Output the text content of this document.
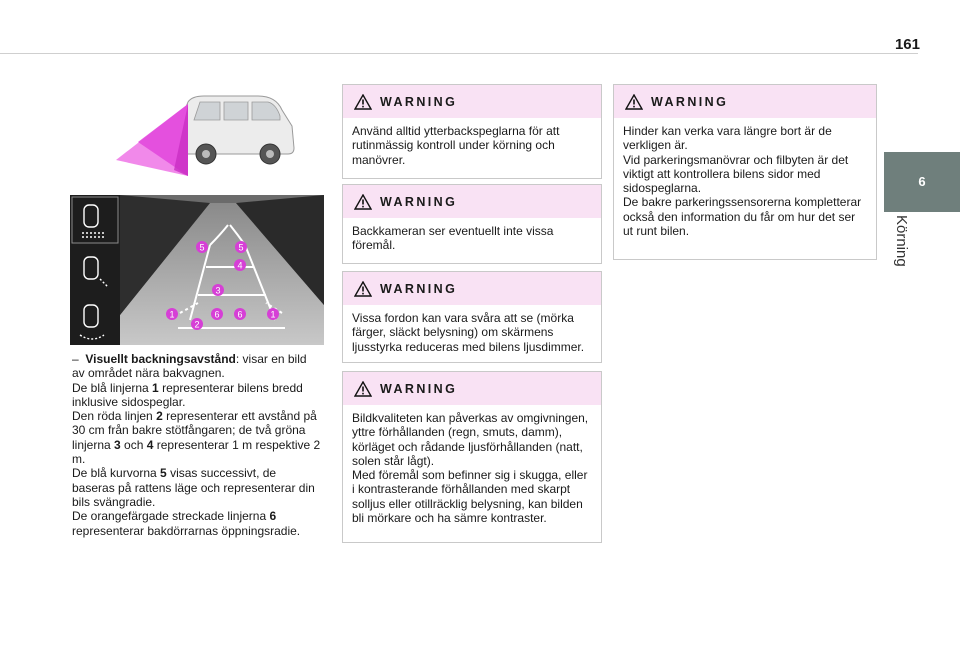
161
6
Körning
5	5
4
3
1	6 6	1
2

– Visuellt backningsavstånd: visar en bild av området nära bakvagnen.

De blå linjerna 1 representerar bilens bredd inklusive sidospeglar.

Den röda linjen 2 representerar ett avstånd på 30 cm från bakre stötfångaren; de två gröna linjerna 3 och 4 representerar 1 m respektive 2 m.

De blå kurvorna 5 visas successivt, de baseras på rattens läge och representerar din bils svängradie.

De orangefärgade streckade linjerna 6 representerar bakdörrarnas öppningsradie.

WARNING

Använd alltid ytterbackspeglarna för att rutinmässig kontroll under körning och manövrer.

WARNING

Backkameran ser eventuellt inte vissa föremål.

WARNING

Vissa fordon kan vara svåra att se (mörka färger, släckt belysning) om skärmens ljusstyrka reduceras med bilens ljusdimmer.

WARNING

Bildkvaliteten kan påverkas av omgivningen, yttre förhållanden (regn, smuts, damm), körläget och rådande ljusförhållanden (natt, solen står lågt).
Med föremål som befinner sig i skugga, eller i kontrasterande förhållanden med skarpt solljus eller otillräcklig belysning, kan bilden bli mörkare och ha sämre kontraster.

WARNING

Hinder kan verka vara längre bort är de verkligen är.
Vid parkeringsmanövrar och filbyten är det viktigt att kontrollera bilens sidor med sidospeglarna.
De bakre parkeringssensorerna kompletterar också den information du får om hur det ser ut runt bilen.
